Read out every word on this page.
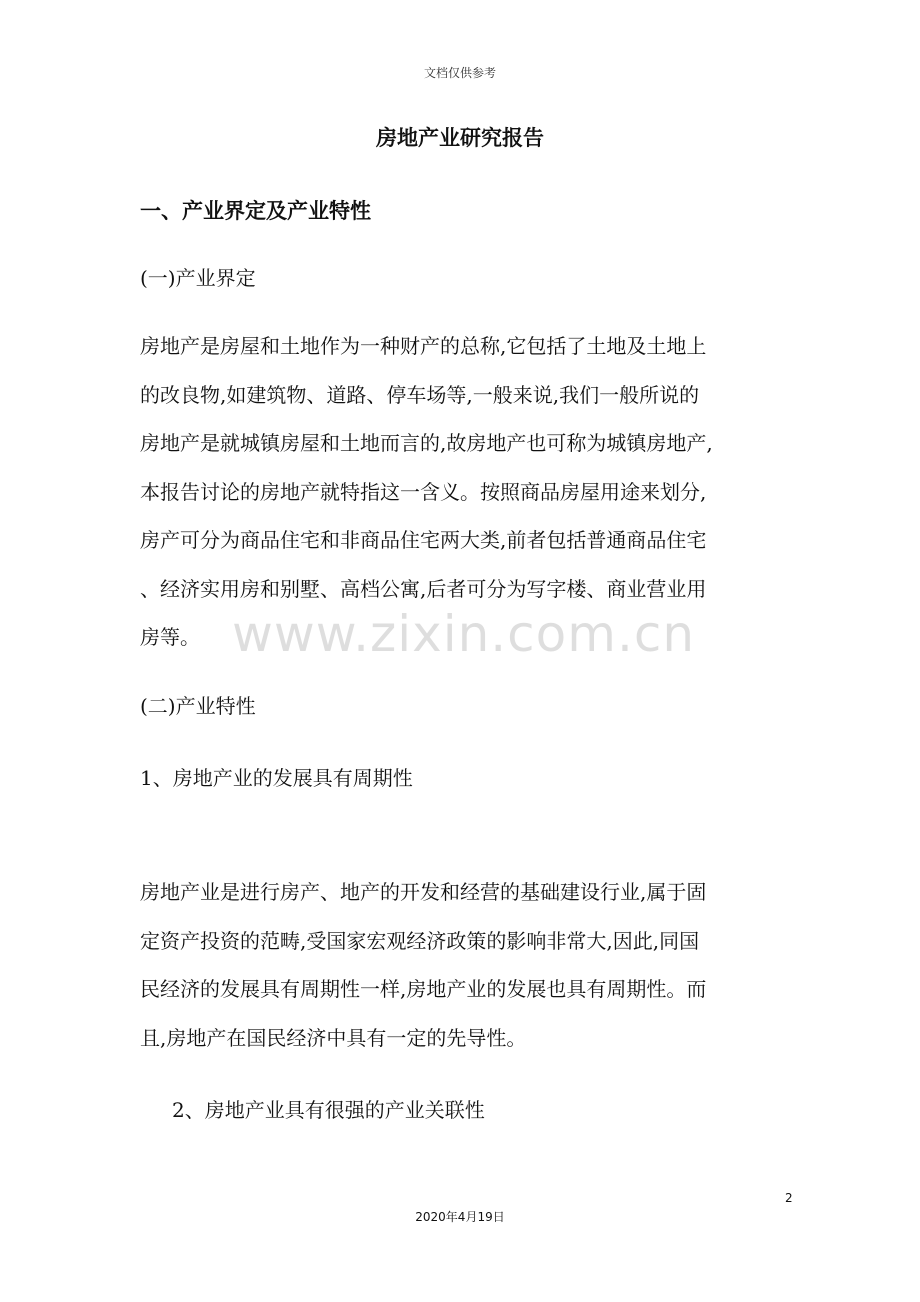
文档仅供参考
房地产业研究报告
一、产业界定及产业特性
(一)产业界定
房地产是房屋和土地作为一种财产的总称,它包括了土地及土地上
的改良物,如建筑物、道路、停车场等,一般来说,我们一般所说的
房地产是就城镇房屋和土地而言的,故房地产也可称为城镇房地产,
本报告讨论的房地产就特指这一含义。按照商品房屋用途来划分,
房产可分为商品住宅和非商品住宅两大类,前者包括普通商品住宅
、经济实用房和别墅、高档公寓,后者可分为写字楼、商业营业用
房等。 www.zixin.com.cn
(二)产业特性
1、房地产业的发展具有周期性
房地产业是进行房产、地产的开发和经营的基础建设行业,属于固
定资产投资的范畴,受国家宏观经济政策的影响非常大,因此,同国
民经济的发展具有周期性一样,房地产业的发展也具有周期性。而
且,房地产在国民经济中具有一定的先导性。
2、房地产业具有很强的产业关联性
2
2020年4月19日
